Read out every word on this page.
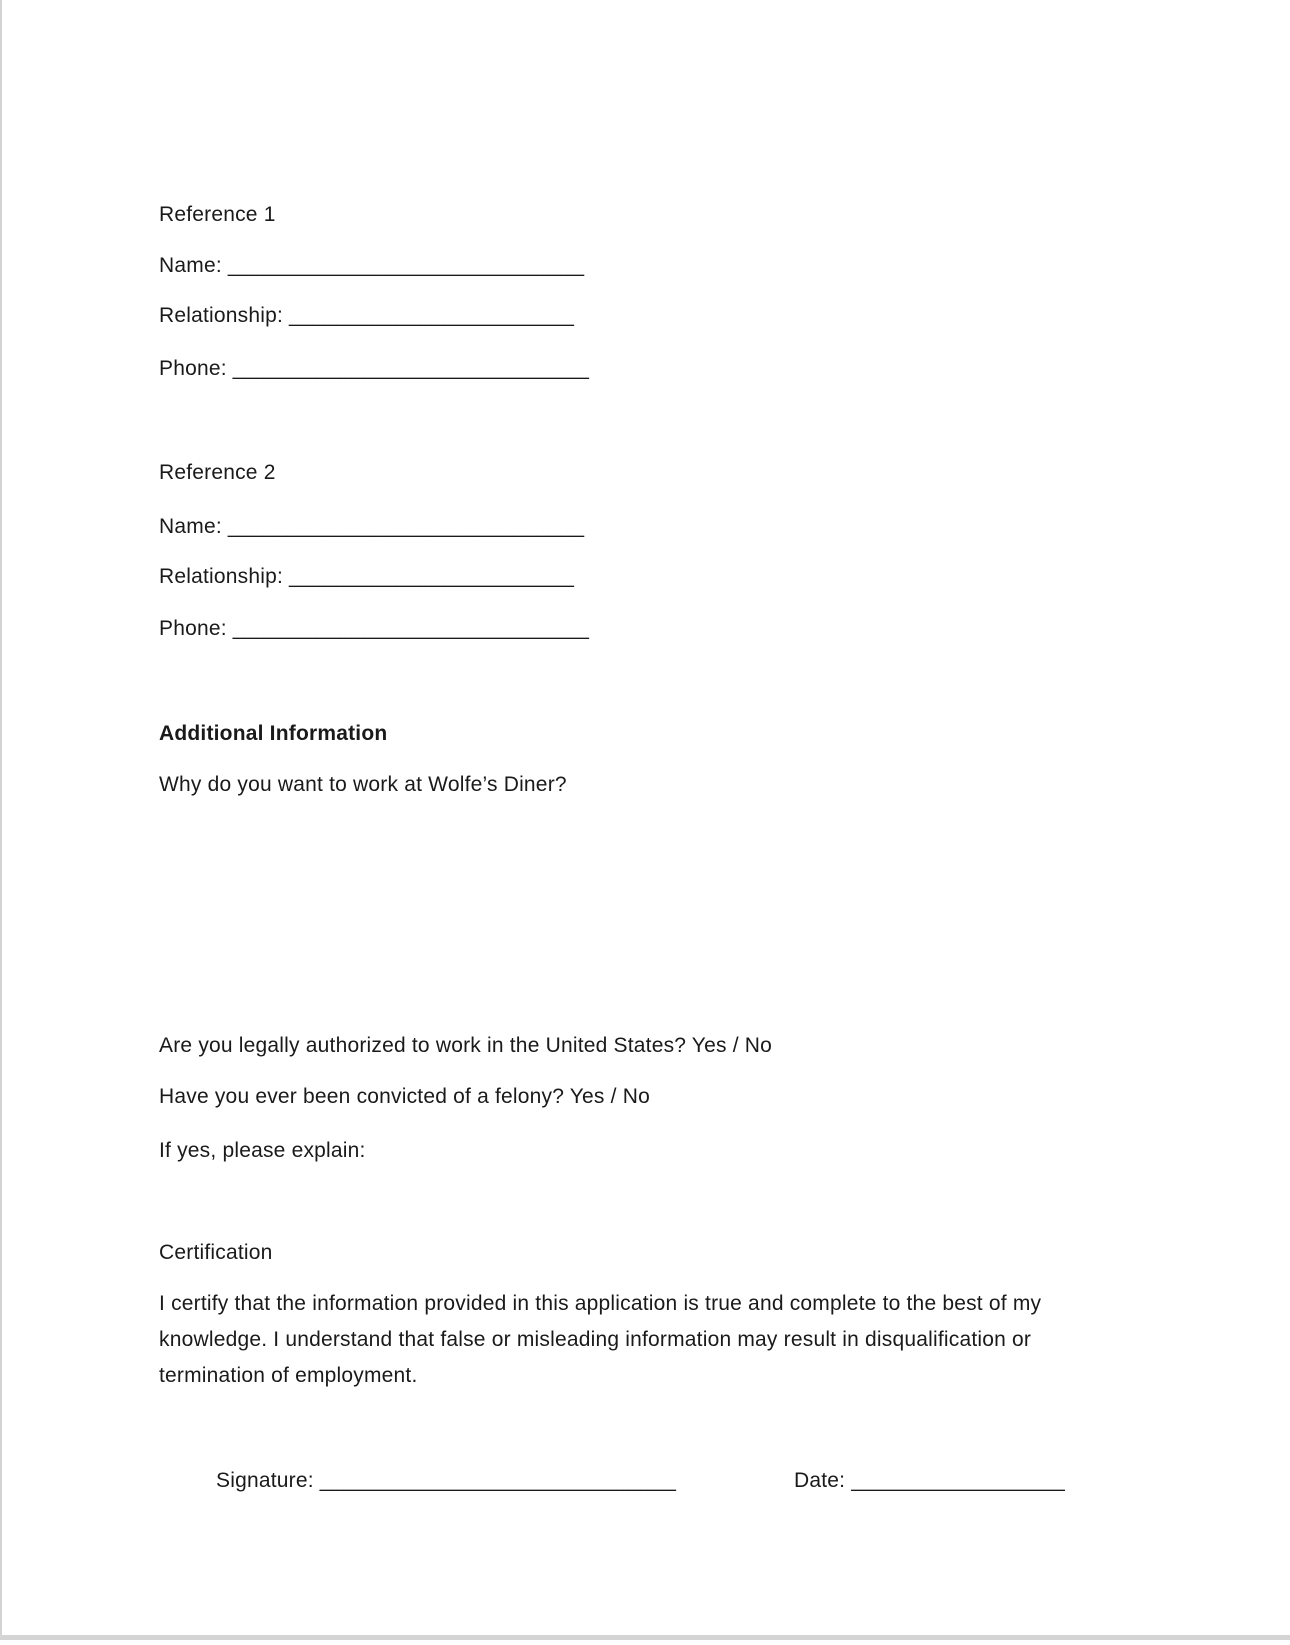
Reference 1
Name: ______________________________
Relationship: ________________________
Phone: ______________________________
Reference 2
Name: ______________________________
Relationship: ________________________
Phone: ______________________________
Additional Information
Why do you want to work at Wolfe’s Diner?
Are you legally authorized to work in the United States? Yes / No
Have you ever been convicted of a felony? Yes / No
If yes, please explain:
Certification
I certify that the information provided in this application is true and complete to the best of my knowledge. I understand that false or misleading information may result in disqualification or termination of employment.
Signature: ______________________________	Date: __________________
